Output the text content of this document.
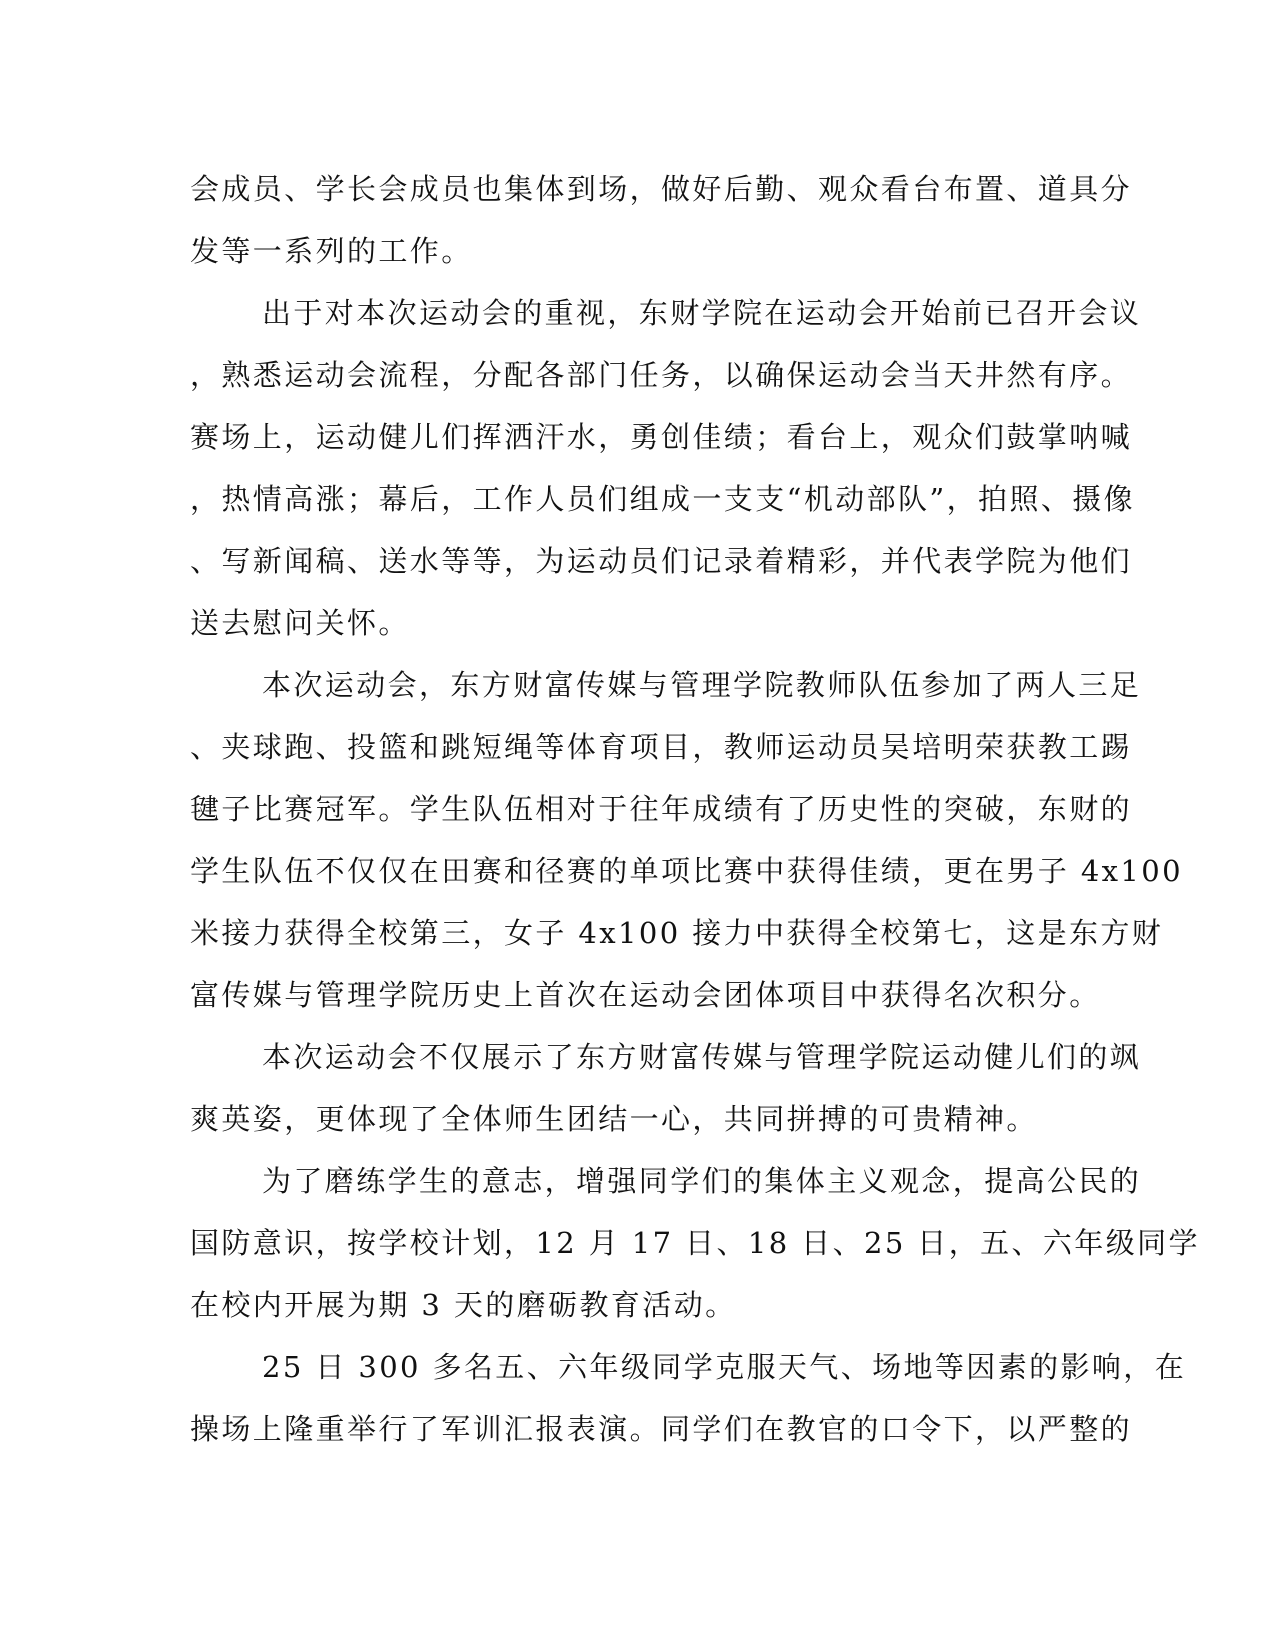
会成员、学长会成员也集体到场，做好后勤、观众看台布置、道具分
发等一系列的工作。
出于对本次运动会的重视，东财学院在运动会开始前已召开会议
，熟悉运动会流程，分配各部门任务，以确保运动会当天井然有序。
赛场上，运动健儿们挥洒汗水，勇创佳绩；看台上，观众们鼓掌呐喊
，热情高涨；幕后，工作人员们组成一支支“机动部队”，拍照、摄像
、写新闻稿、送水等等，为运动员们记录着精彩，并代表学院为他们
送去慰问关怀。
本次运动会，东方财富传媒与管理学院教师队伍参加了两人三足
、夹球跑、投篮和跳短绳等体育项目，教师运动员吴培明荣获教工踢
毽子比赛冠军。学生队伍相对于往年成绩有了历史性的突破，东财的
学生队伍不仅仅在田赛和径赛的单项比赛中获得佳绩，更在男子 4x100
米接力获得全校第三，女子 4x100 接力中获得全校第七，这是东方财
富传媒与管理学院历史上首次在运动会团体项目中获得名次积分。
本次运动会不仅展示了东方财富传媒与管理学院运动健儿们的飒
爽英姿，更体现了全体师生团结一心，共同拼搏的可贵精神。
为了磨练学生的意志，增强同学们的集体主义观念，提高公民的
国防意识，按学校计划，12 月 17 日、18 日、25 日，五、六年级同学
在校内开展为期 3 天的磨砺教育活动。
25 日 300 多名五、六年级同学克服天气、场地等因素的影响，在
操场上隆重举行了军训汇报表演。同学们在教官的口令下，以严整的
